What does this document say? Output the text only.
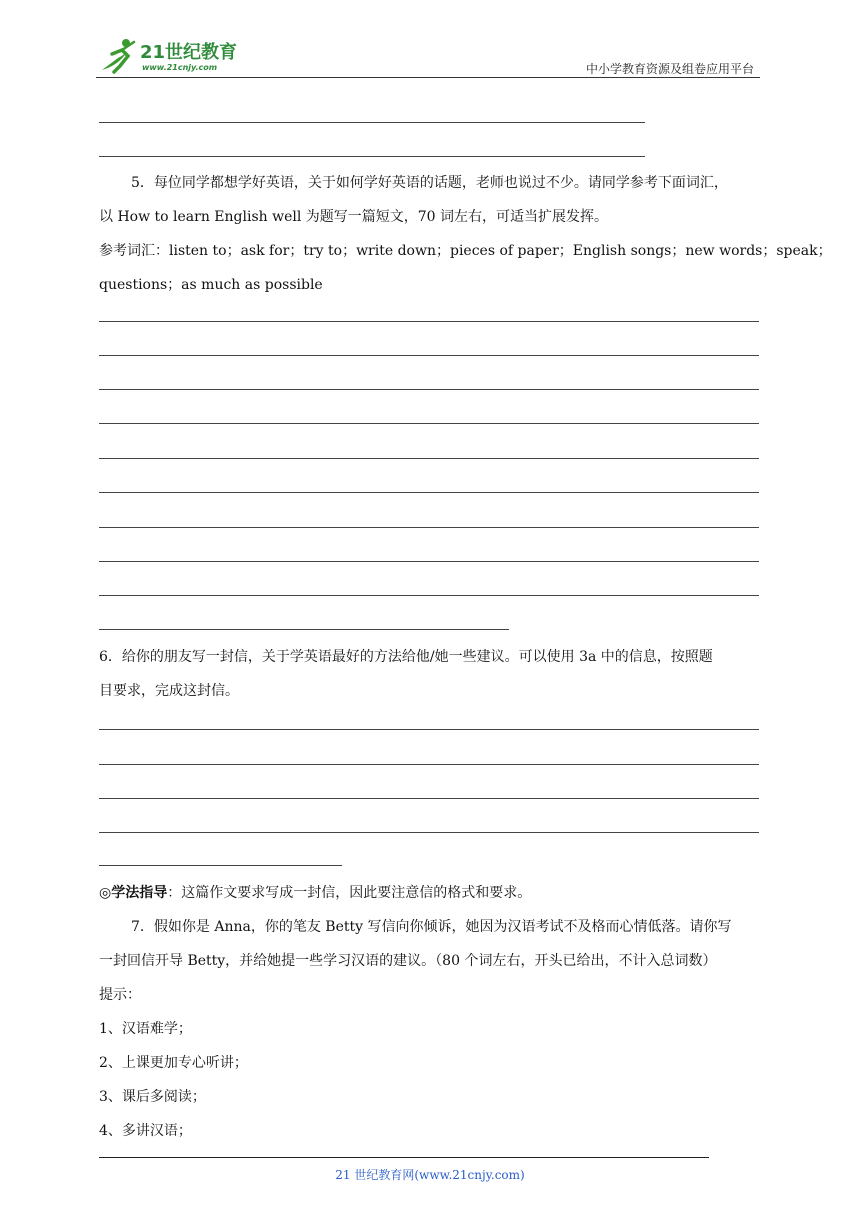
21世纪教育
www.21cnjy.com	中小学教育资源及组卷应用平台
5．每位同学都想学好英语，关于如何学好英语的话题，老师也说过不少。请同学参考下面词汇，
以 How to learn English well 为题写一篇短文，70 词左右，可适当扩展发挥。
参考词汇：listen to；ask for；try to；write down；pieces of paper；English songs；new words；speak；
questions；as much as possible
6．给你的朋友写一封信，关于学英语最好的方法给他/她一些建议。可以使用 3a 中的信息，按照题
目要求，完成这封信。
◎学法指导：这篇作文要求写成一封信，因此要注意信的格式和要求。
7．假如你是 Anna，你的笔友 Betty 写信向你倾诉，她因为汉语考试不及格而心情低落。请你写
一封回信开导 Betty，并给她提一些学习汉语的建议。（80 个词左右，开头已给出，不计入总词数）
提示：
1、汉语难学；
2、上课更加专心听讲；
3、课后多阅读；
4、多讲汉语；
21 世纪教育网(www.21cnjy.com)
